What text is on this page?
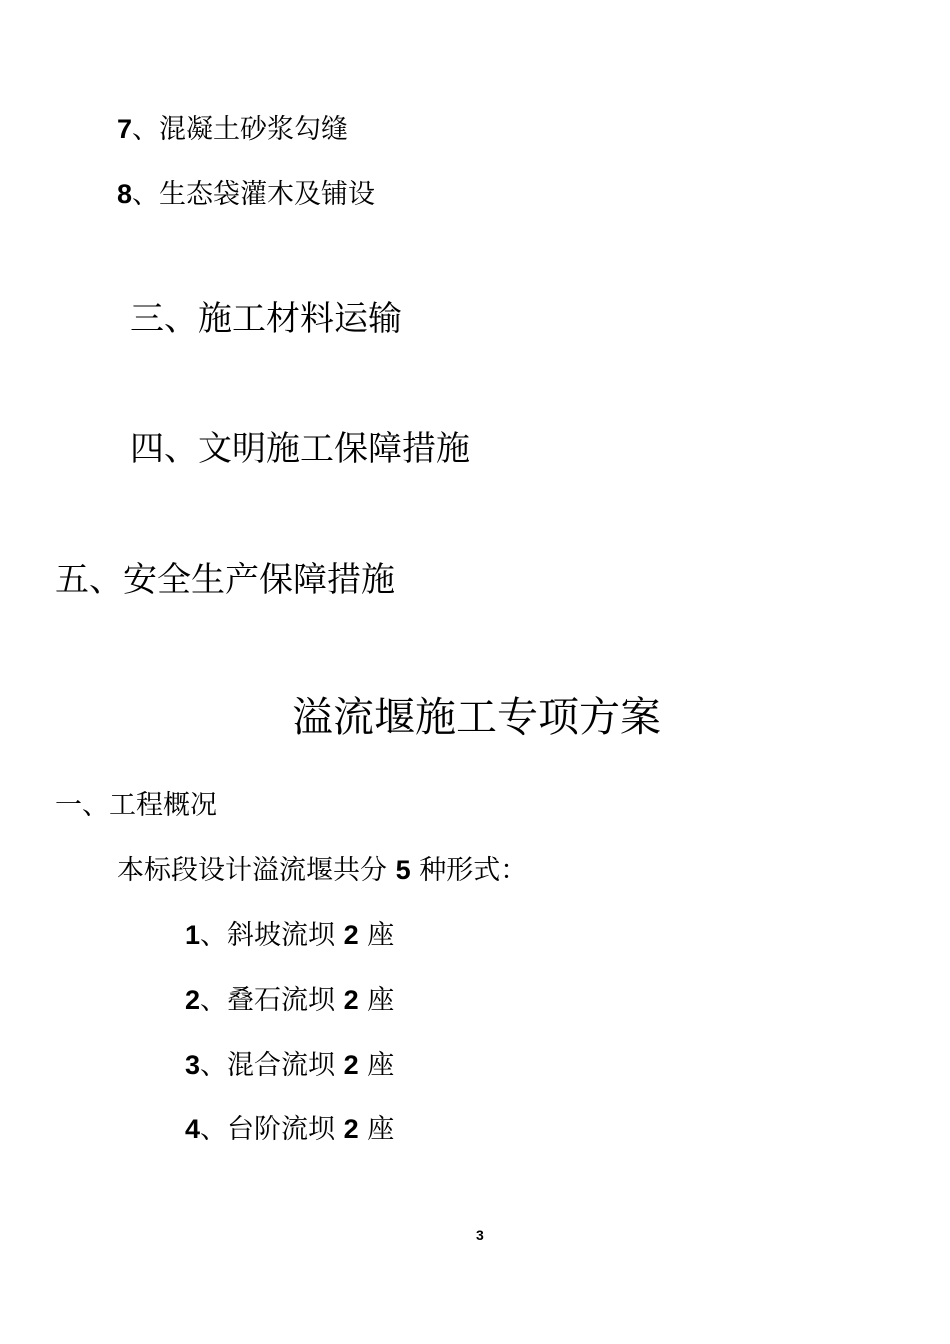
7、混凝土砂浆勾缝
8、生态袋灌木及铺设
三、施工材料运输
四、文明施工保障措施
五、安全生产保障措施
溢流堰施工专项方案
一、工程概况
本标段设计溢流堰共分 5 种形式：
1、斜坡流坝 2 座
2、叠石流坝 2 座
3、混合流坝 2 座
4、台阶流坝 2 座
3
